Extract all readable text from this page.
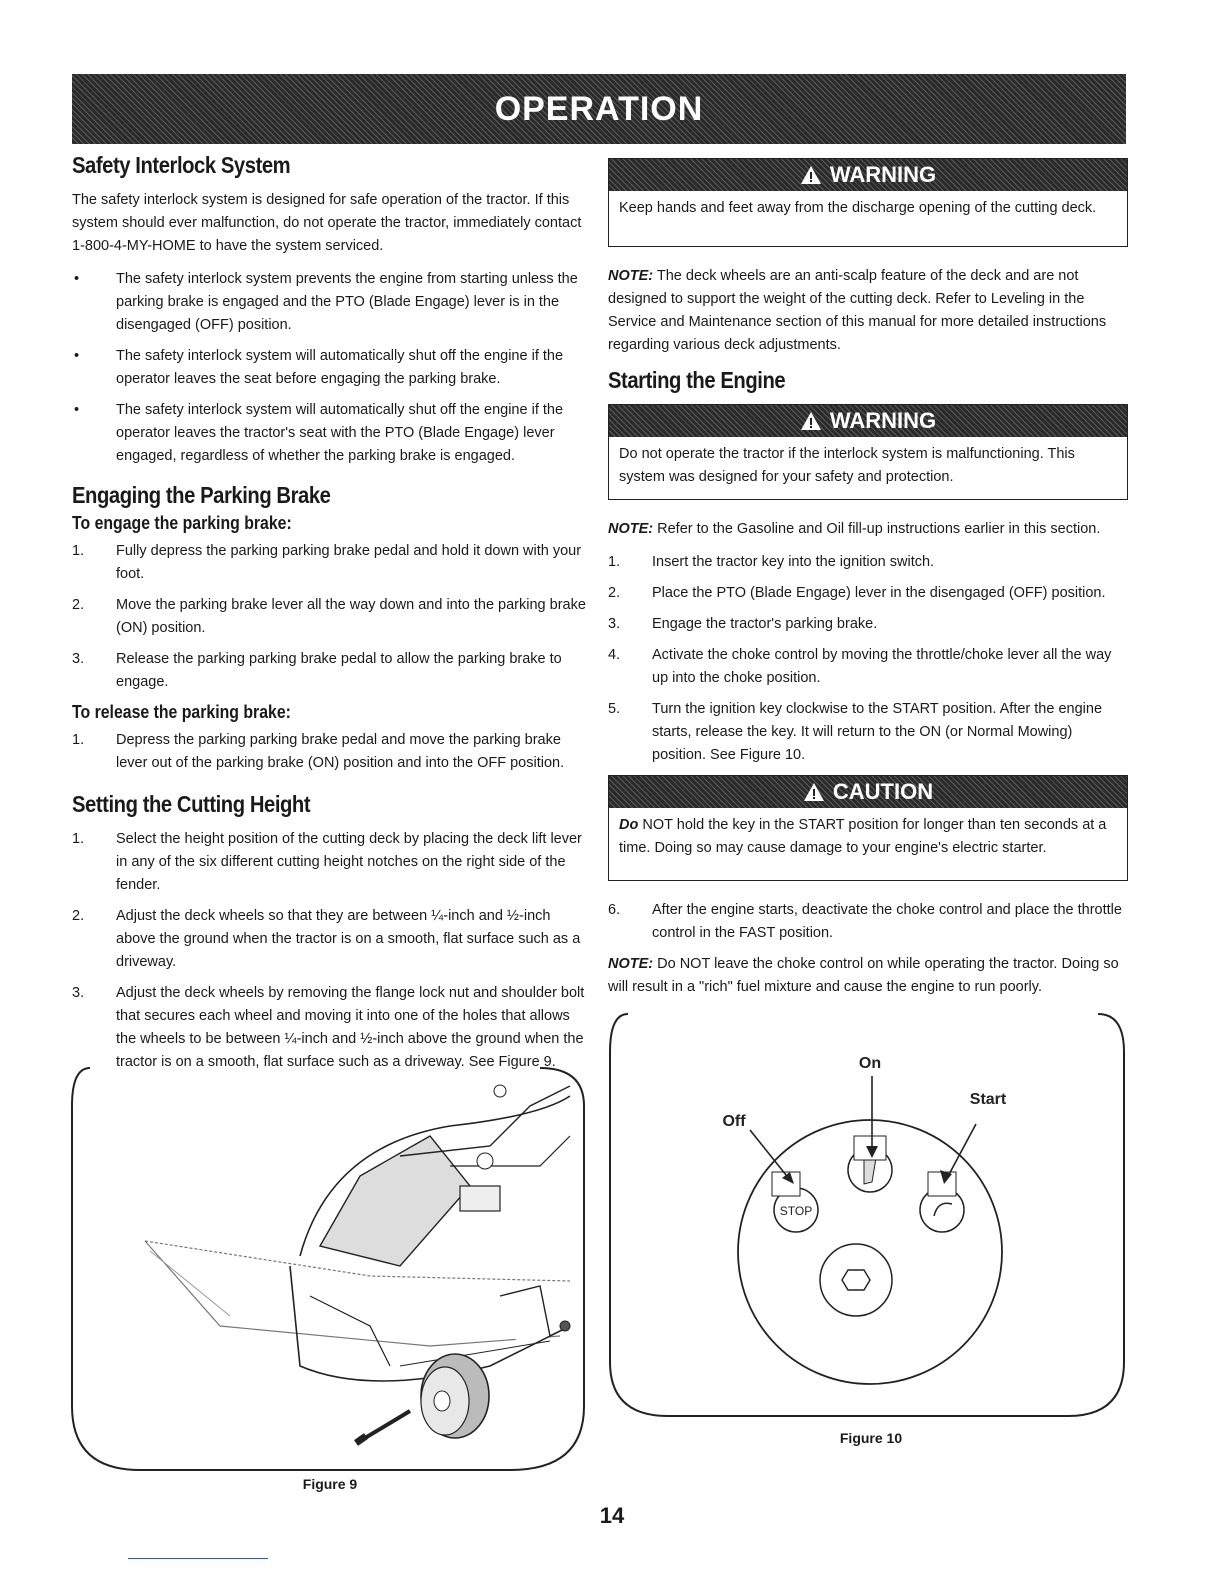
OPERATION
Safety Interlock System

The safety interlock system is designed for safe operation of the tractor. If this system should ever malfunction, do not operate the tractor, immediately contact 1-800-4-MY-HOME to have the system serviced.

•	The safety interlock system prevents the engine from starting unless the parking brake is engaged and the PTO (Blade Engage) lever is in the disengaged (OFF) position.
•	The safety interlock system will automatically shut off the engine if the operator leaves the seat before engaging the parking brake.
•	The safety interlock system will automatically shut off the engine if the operator leaves the tractor's seat with the PTO (Blade Engage) lever engaged, regardless of whether the parking brake is engaged.
Engaging the Parking Brake
To engage the parking brake:
1. Fully depress the parking parking brake pedal and hold it down with your foot.
2. Move the parking brake lever all the way down and into the parking brake (ON) position.
3. Release the parking parking brake pedal to allow the parking brake to engage.
To release the parking brake:
1. Depress the parking parking brake pedal and move the parking brake lever out of the parking brake (ON) position and into the OFF position.
Setting the Cutting Height
1. Select the height position of the cutting deck by placing the deck lift lever in any of the six different cutting height notches on the right side of the fender.
2. Adjust the deck wheels so that they are between ¼-inch and ½-inch above the ground when the tractor is on a smooth, flat surface such as a driveway.
3. Adjust the deck wheels by removing the flange lock nut and shoulder bolt that secures each wheel and moving it into one of the holes that allows the wheels to be between ¼-inch and ½-inch above the ground when the tractor is on a smooth, flat surface such as a driveway. See Figure 9.
Figure 9
WARNING
Keep hands and feet away from the discharge opening of the cutting deck.

NOTE: The deck wheels are an anti-scalp feature of the deck and are not designed to support the weight of the cutting deck. Refer to Leveling in the Service and Maintenance section of this manual for more detailed instructions regarding various deck adjustments.

Starting the Engine
WARNING
Do not operate the tractor if the interlock system is malfunctioning. This system was designed for your safety and protection.

NOTE: Refer to the Gasoline and Oil fill-up instructions earlier in this section.

1. Insert the tractor key into the ignition switch.
2. Place the PTO (Blade Engage) lever in the disengaged (OFF) position.
3. Engage the tractor's parking brake.
4. Activate the choke control by moving the throttle/choke lever all the way up into the choke position.
5. Turn the ignition key clockwise to the START position. After the engine starts, release the key. It will return to the ON (or Normal Mowing) position. See Figure 10.
CAUTION
Do NOT hold the key in the START position for longer than ten seconds at a time. Doing so may cause damage to your engine's electric starter.
6. After the engine starts, deactivate the choke control and place the throttle control in the FAST position.

NOTE: Do NOT leave the choke control on while operating the tractor. Doing so will result in a "rich" fuel mixture and cause the engine to run poorly.

STOP
On
Off
Start
Figure 10
14
